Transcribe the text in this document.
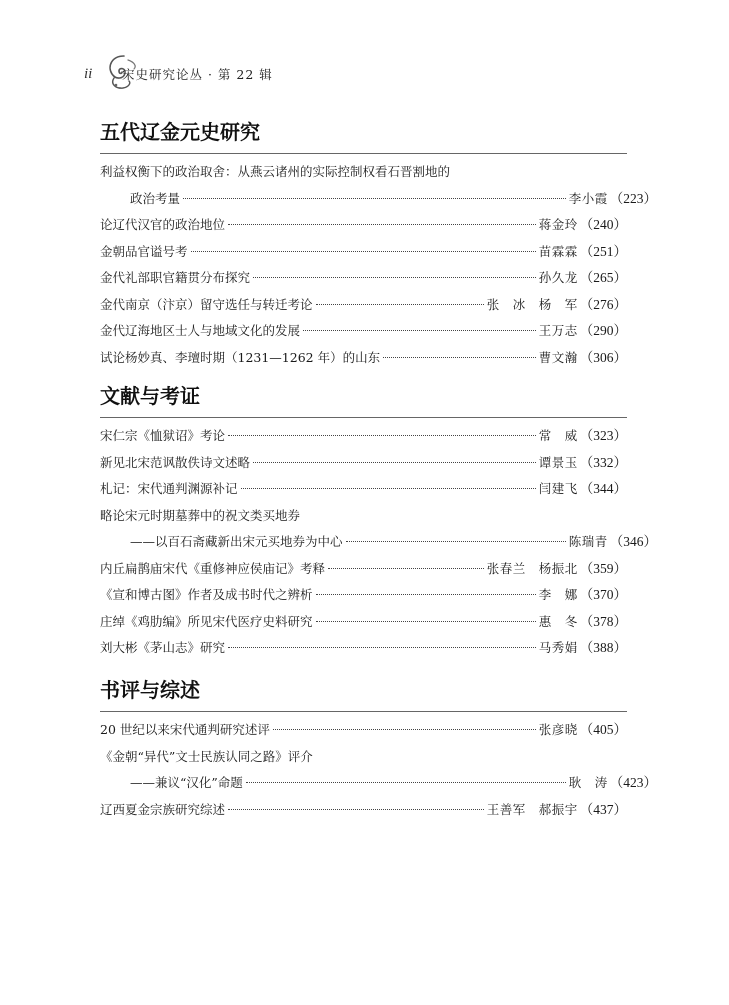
ii 宋史研究论丛 · 第 22 辑
五代辽金元史研究
利益权衡下的政治取舍：从燕云诸州的实际控制权看石晋割地的
政治考量	李小霞 （223）
论辽代汉官的政治地位	蒋金玲 （240）
金朝品官谥号考	苗霖霖 （251）
金代礼部职官籍贯分布探究	孙久龙 （265）
金代南京（汴京）留守选任与转迁考论	张　冰　杨　军 （276）
金代辽海地区士人与地域文化的发展	王万志 （290）
试论杨妙真、李璮时期（1231—1262 年）的山东	曹文瀚 （306）
文献与考证
宋仁宗《恤狱诏》考论	常　威 （323）
新见北宋范讽散佚诗文述略	谭景玉 （332）
札记：宋代通判渊源补记	闫建飞 （344）
略论宋元时期墓葬中的祝文类买地券
——以百石斋藏新出宋元买地券为中心	陈瑞青 （346）
内丘扁鹊庙宋代《重修神应侯庙记》考释	张春兰　杨振北 （359）
《宣和博古图》作者及成书时代之辨析	李　娜 （370）
庄绰《鸡肋编》所见宋代医疗史料研究	惠　冬 （378）
刘大彬《茅山志》研究	马秀娟 （388）
书评与综述
20 世纪以来宋代通判研究述评	张彦晓 （405）
《金朝“异代”文士民族认同之路》评介
——兼议“汉化”命题	耿　涛 （423）
辽西夏金宗族研究综述	王善军　郝振宇 （437）
